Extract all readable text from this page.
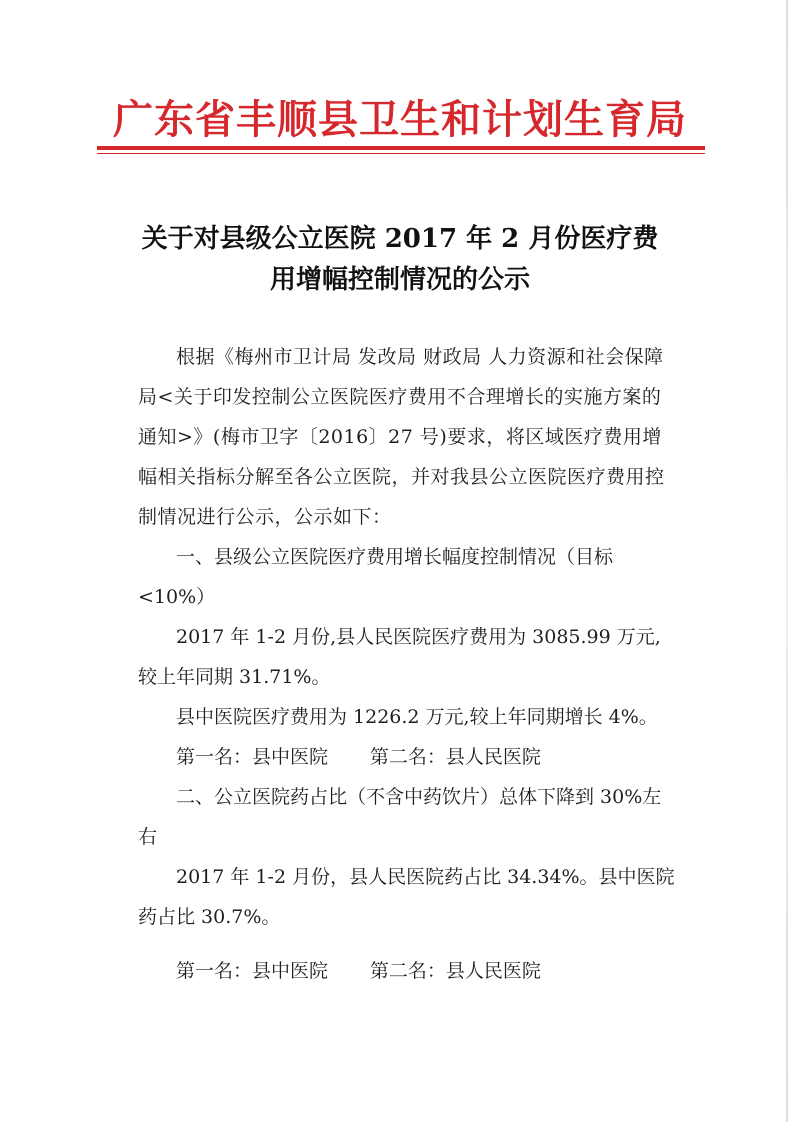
广东省丰顺县卫生和计划生育局
关于对县级公立医院 2017 年 2 月份医疗费
用增幅控制情况的公示

根据《梅州市卫计局 发改局 财政局 人力资源和社会保障局<关于印发控制公立医院医疗费用不合理增长的实施方案的通知>》(梅市卫字〔2016〕27 号)要求，将区域医疗费用增幅相关指标分解至各公立医院，并对我县公立医院医疗费用控制情况进行公示，公示如下：

一、县级公立医院医疗费用增长幅度控制情况（目标<10%）

2017 年 1-2 月份,县人民医院医疗费用为 3085.99 万元,较上年同期 31.71%。

县中医院医疗费用为 1226.2 万元,较上年同期增长 4%。

第一名：县中医院 第二名：县人民医院

二、公立医院药占比（不含中药饮片）总体下降到 30%左右

2017 年 1-2 月份，县人民医院药占比 34.34%。县中医院药占比 30.7%。

第一名：县中医院 第二名：县人民医院
